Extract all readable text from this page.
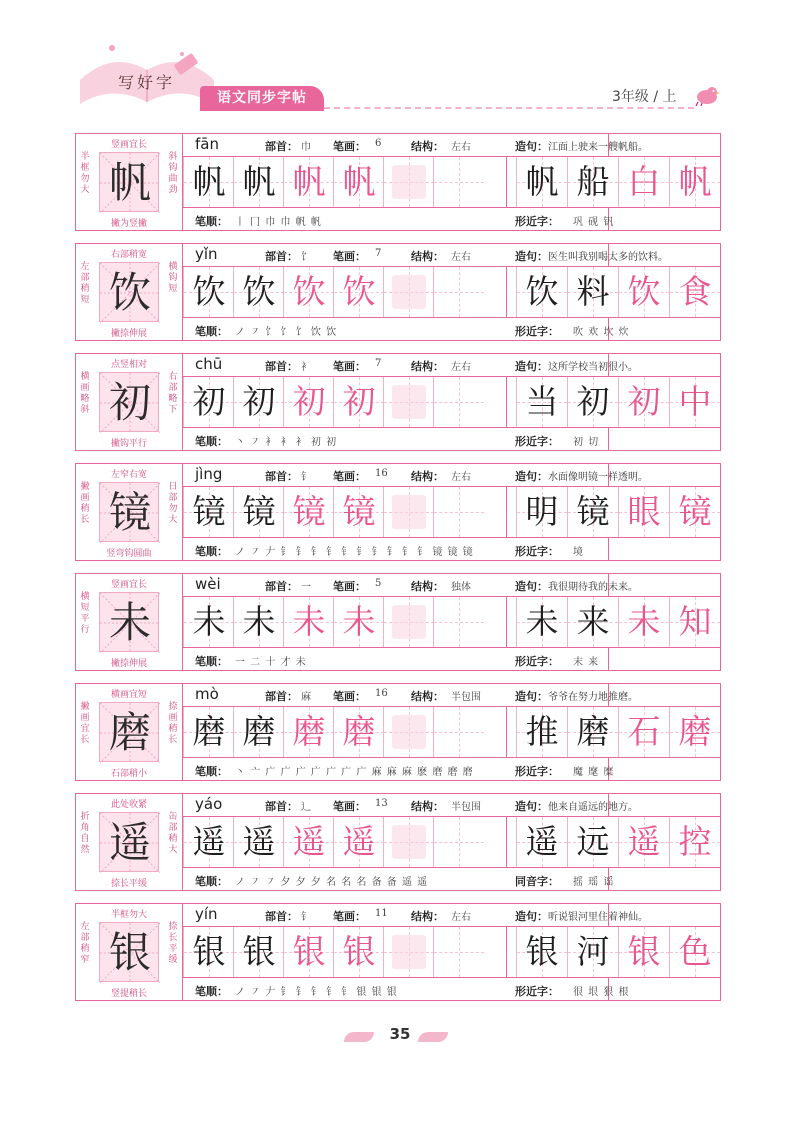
写好字
语文同步字帖	3年级 / 上
竖画宜长
半框勿大 帆
斜钩曲劲
撇为竖撇
fān	部首： 巾 笔画： 6	结构： 左右	造句：江面上驶来一艘帆船。
帆 帆 帆 帆	帆 船 白 帆
笔顺： 丨 冂 巾 巾 帆 帆	形近字： 巩 砚 钒
右部稍宽
左部稍短 饮
横钩短
撇捺伸展
yǐn	部首： 饣 笔画： 7	结构： 左右	造句：医生叫我别喝太多的饮料。
饮 饮 饮 饮	饮 料 饮 食
笔顺： ノ ㇇ 饣 饣 饣 饮 饮	形近字： 吹 欢 坎 炊
点竖相对
横画略斜 初
右部略下
撇钩平行
chū	部首： 衤 笔画： 7	结构： 左右	造句：这所学校当初很小。
初 初 初 初	当 初 初 中
笔顺： 丶 ㇇ 衤 衤 衤 初 初	形近字： 初 切
左窄右宽
撇画稍长 镜
日部勿大
竖弯钩圆曲
jìng	部首： 钅 笔画： 16 结构： 左右	造句：水面像明镜一样透明。
镜 镜 镜 镜	明 镜 眼 镜
笔顺： ノ ㇇ 𠂇 钅 钅 钅 钅 钅 钅 钅 钅 钅 钅 镜 镜 镜	形近字： 境
竖画宜长
横短平行 未
撇捺伸展
wèi	部首： 一 笔画： 5	结构： 独体	造句：我很期待我的未来。
未 未 未 未	未 来 未 知
笔顺： 一 二 十 才 未	形近字： 末 来
横画宜短
撇画宜长 磨
捺画稍长
石部稍小
mò	部首： 麻 笔画： 16 结构： 半包围	造句：爷爷在努力地推磨。
磨 磨 磨 磨	推 磨 石 磨
笔顺： 丶 亠 广 广 广 广 广 广 广 麻 麻 麻 麽 磨 磨 磨	形近字： 魔 麾 糜
此处收紧
折角自然 遥
缶部稍大
捺长平缓
yáo	部首： 辶 笔画： 13 结构： 半包围	造句：他来自遥远的地方。
遥 遥 遥 遥	遥 远 遥 控
笔顺： ノ ㇇ ㇇ 夕 夕 夕 名 名 名 备 备 遥 遥	同音字： 摇 瑶 谣
半框勿大
左部稍窄 银
捺长平缓
竖提稍长
yín	部首： 钅 笔画： 11 结构： 左右	造句：听说银河里住着神仙。
银 银 银 银	银 河 银 色
笔顺： ノ ㇇ 𠂇 钅 钅 钅 钅 钅 银 银 银	形近字： 很 垠 狠 根
35
